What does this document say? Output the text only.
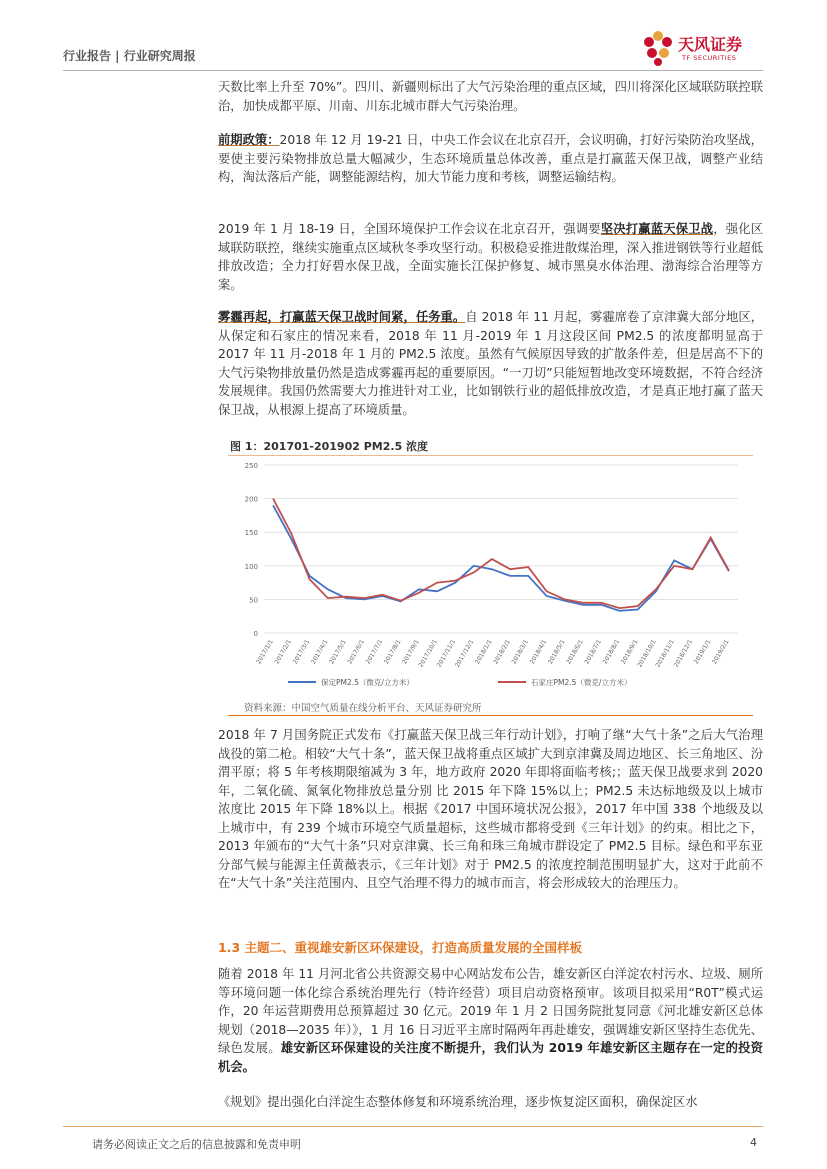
行业报告 | 行业研究周报
天风证券
TF SECURITIES

天数比率上升至 70%”。四川、新疆则标出了大气污染治理的重点区域，四川将深化区域联防联控联治，加快成都平原、川南、川东北城市群大气污染治理。

前期政策：2018 年 12 月 19-21 日，中央工作会议在北京召开，会议明确，打好污染防治攻坚战，要使主要污染物排放总量大幅减少，生态环境质量总体改善，重点是打赢蓝天保卫战，调整产业结构，淘汰落后产能，调整能源结构，加大节能力度和考核，调整运输结构。

2019 年 1 月 18-19 日，全国环境保护工作会议在北京召开，强调要坚决打赢蓝天保卫战，强化区域联防联控，继续实施重点区域秋冬季攻坚行动。积极稳妥推进散煤治理，深入推进钢铁等行业超低排放改造；全力打好碧水保卫战，全面实施长江保护修复、城市黑臭水体治理、渤海综合治理等方案。

雾霾再起，打赢蓝天保卫战时间紧，任务重。自 2018 年 11 月起，雾霾席卷了京津冀大部分地区，从保定和石家庄的情况来看，2018 年 11 月-2019 年 1 月这段区间 PM2.5 的浓度都明显高于 2017 年 11 月-2018 年 1 月的 PM2.5 浓度。虽然有气候原因导致的扩散条件差，但是居高不下的大气污染物排放量仍然是造成雾霾再起的重要原因。“一刀切”只能短暂地改变环境数据，不符合经济发展规律。我国仍然需要大力推进针对工业，比如钢铁行业的超低排放改造，才是真正地打赢了蓝天保卫战，从根源上提高了环境质量。

图 1：201701-201902 PM2.5 浓度
0
50
100
150
200
250
2017/1/1
2017/2/1
2017/3/1
2017/4/1
2017/5/1
2017/6/1
2017/7/1
2017/8/1
2017/9/1
2017/10/1
2017/11/1
2017/12/1
2018/1/1
2018/2/1
2018/3/1
2018/4/1
2018/5/1
2018/6/1
2018/7/1
2018/8/1
2018/9/1
2018/10/1
2018/11/1
2018/12/1
2019/1/1
2019/2/1
保定PM2.5（微克/立方米）	石家庄PM2.5（微克/立方米）
资料来源：中国空气质量在线分析平台、天风证券研究所

2018 年 7 月国务院正式发布《打赢蓝天保卫战三年行动计划》，打响了继“大气十条”之后大气治理战役的第二枪。相较“大气十条”，蓝天保卫战将重点区域扩大到京津冀及周边地区、长三角地区、汾渭平原；将 5 年考核期限缩减为 3 年，地方政府 2020 年即将面临考核;；蓝天保卫战要求到 2020 年，二氧化硫、氮氧化物排放总量分别 比 2015 年下降 15%以上；PM2.5 未达标地级及以上城市浓度比 2015 年下降 18%以上。根据《2017 中国环境状况公报》，2017 年中国 338 个地级及以上城市中，有 239 个城市环境空气质量超标，这些城市都将受到《三年计划》的约束。相比之下，2013 年颁布的“大气十条”只对京津冀、长三角和珠三角城市群设定了 PM2.5 目标。绿色和平东亚分部气候与能源主任黄薇表示，《三年计划》对于 PM2.5 的浓度控制范围明显扩大，这对于此前不在“大气十条”关注范围内、且空气治理不得力的城市而言，将会形成较大的治理压力。

1.3 主题二、重视雄安新区环保建设，打造高质量发展的全国样板

随着 2018 年 11 月河北省公共资源交易中心网站发布公告，雄安新区白洋淀农村污水、垃圾、厕所等环境问题一体化综合系统治理先行（特许经营）项目启动资格预审。该项目拟采用“R0T”模式运作，20 年运营期费用总预算超过 30 亿元。2019 年 1 月 2 日国务院批复同意《河北雄安新区总体规划（2018—2035 年）》，1 月 16 日习近平主席时隔两年再赴雄安，强调雄安新区坚持生态优先、绿色发展。雄安新区环保建设的关注度不断提升，我们认为 2019 年雄安新区主题存在一定的投资机会。

《规划》提出强化白洋淀生态整体修复和环境系统治理，逐步恢复淀区面积，确保淀区水

请务必阅读正文之后的信息披露和免责申明	4
